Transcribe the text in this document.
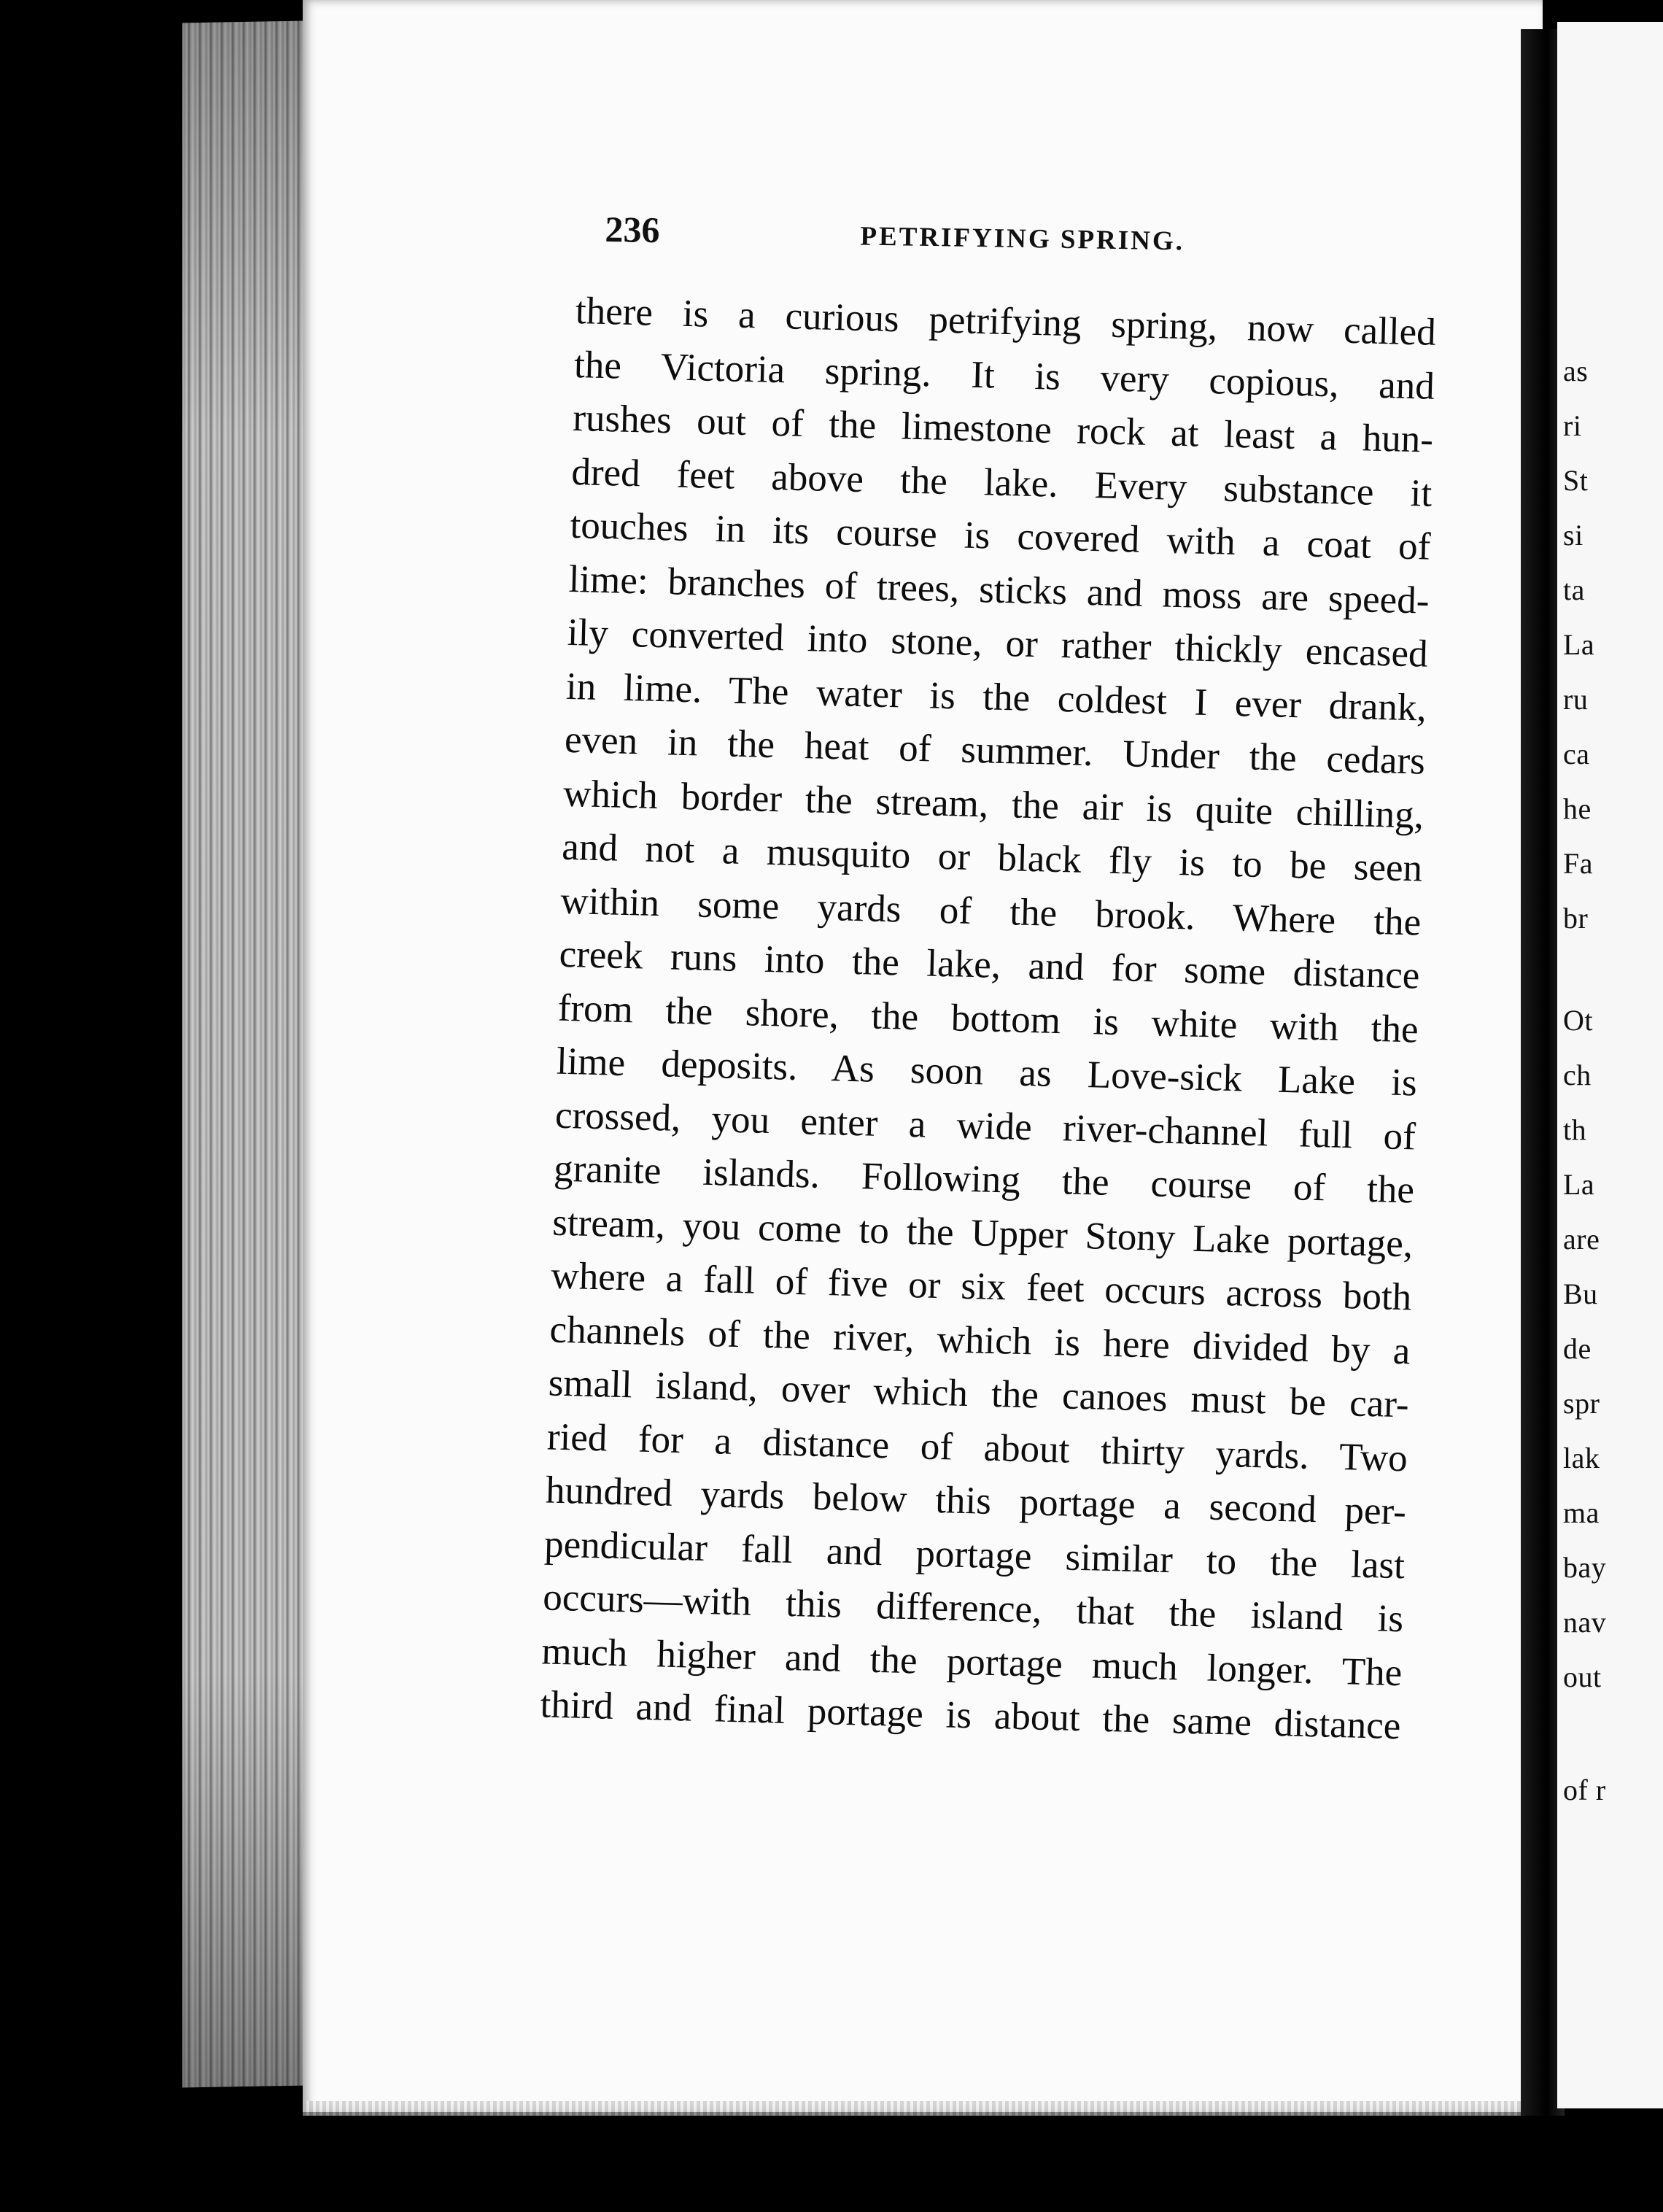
as
ri
St
si
ta
La
ru
ca
he
Fa
br
Ot
ch
th
La
are
Bu
de
spr
lak
ma
bay
nav
out
of r
236	PETRIFYING SPRING.
there is a curious petrifying spring, now called
the Victoria spring. It is very copious, and
rushes out of the limestone rock at least a hun-
dred feet above the lake. Every substance it
touches in its course is covered with a coat of
lime: branches of trees, sticks and moss are speed-
ily converted into stone, or rather thickly encased
in lime. The water is the coldest I ever drank,
even in the heat of summer. Under the cedars
which border the stream, the air is quite chilling,
and not a musquito or black fly is to be seen
within some yards of the brook. Where the
creek runs into the lake, and for some distance
from the shore, the bottom is white with the
lime deposits. As soon as Love-sick Lake is
crossed, you enter a wide river-channel full of
granite islands. Following the course of the
stream, you come to the Upper Stony Lake portage,
where a fall of five or six feet occurs across both
channels of the river, which is here divided by a
small island, over which the canoes must be car-
ried for a distance of about thirty yards. Two
hundred yards below this portage a second per-
pendicular fall and portage similar to the last
occurs—with this difference, that the island is
much higher and the portage much longer. The
third and final portage is about the same distance
